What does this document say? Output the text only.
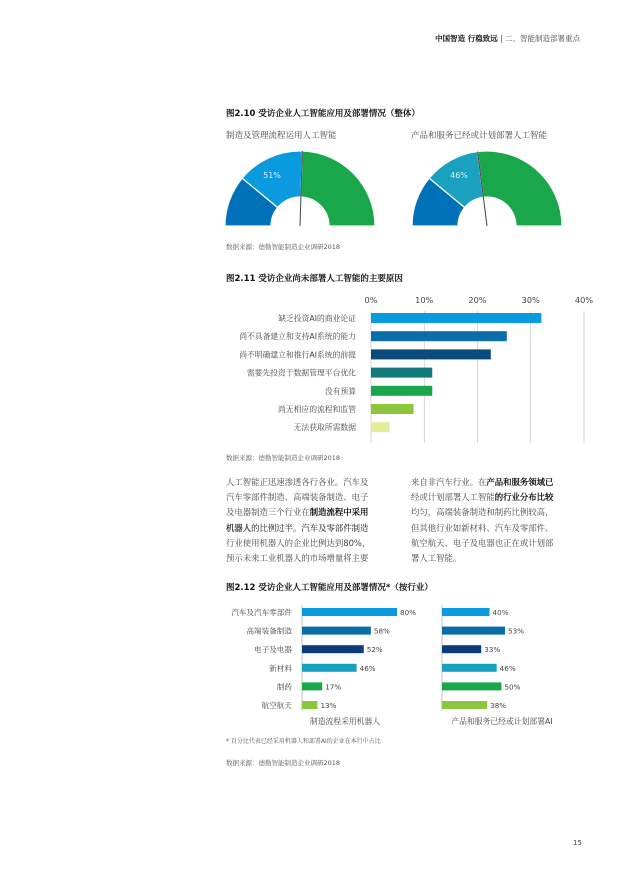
中国智造 行稳致远 | 二、智能制造部署重点
图2.10 受访企业人工智能应用及部署情况（整体）
制造及管理流程运用人工智能	产品和服务已经或计划部署人工智能
51%	46%
数据来源：德勤智能制造企业调研2018
图2.11 受访企业尚未部署人工智能的主要原因
0%	10%	20%	30%	40%
缺乏投资AI的商业论证
尚不具备建立和支持AI系统的能力
尚不明确建立和推行AI系统的前提
需要先投资于数据管理平台优化
没有预算
尚无相应的流程和监管
无法获取所需数据
数据来源：德勤智能制造企业调研2018
人工智能正迅速渗透各行各业。汽车及
汽车零部件制造、高端装备制造、电子
及电器制造三个行业在制造流程中采用
机器人的比例过半。汽车及零部件制造
行业使用机器人的企业比例达到80%，
预示未来工业机器人的市场增量将主要
来自非汽车行业。在产品和服务领域已
经或计划部署人工智能的行业分布比较
均匀，高端装备制造和制药比例较高，
但其他行业如新材料、汽车及零部件、
航空航天、电子及电器也正在或计划部
署人工智能。
图2.12 受访企业人工智能应用及部署情况*（按行业）
汽车及汽车零部件	80%	40%
高端装备制造	58%	53%
电子及电器	52%	33%
新材料	46%	46%
制药	17%	50%
航空航天	13%	38%
制造流程采用机器人	产品和服务已经或计划部署AI
* 百分比代表已经采用机器人和部署AI的企业在本行中占比
数据来源：德勤智能制造企业调研2018
15
